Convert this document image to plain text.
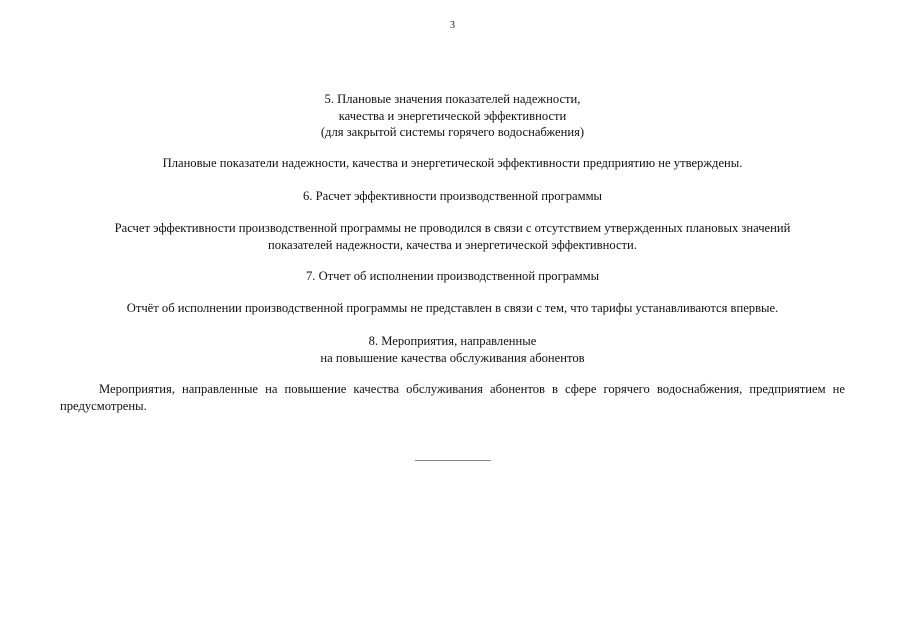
3
5. Плановые значения показателей надежности,
качества и энергетической эффективности
(для закрытой системы горячего водоснабжения)
Плановые показатели надежности, качества и энергетической эффективности предприятию не утверждены.
6. Расчет эффективности производственной программы
Расчет эффективности производственной программы не проводился в связи с отсутствием утвержденных плановых значений
показателей надежности, качества и энергетической эффективности.
7. Отчет об исполнении производственной программы
Отчёт об исполнении производственной программы не представлен в связи с тем, что тарифы устанавливаются впервые.
8. Мероприятия, направленные
на повышение качества обслуживания абонентов
Мероприятия, направленные на повышение качества обслуживания абонентов в сфере горячего водоснабжения, предприятием не предусмотрены.
